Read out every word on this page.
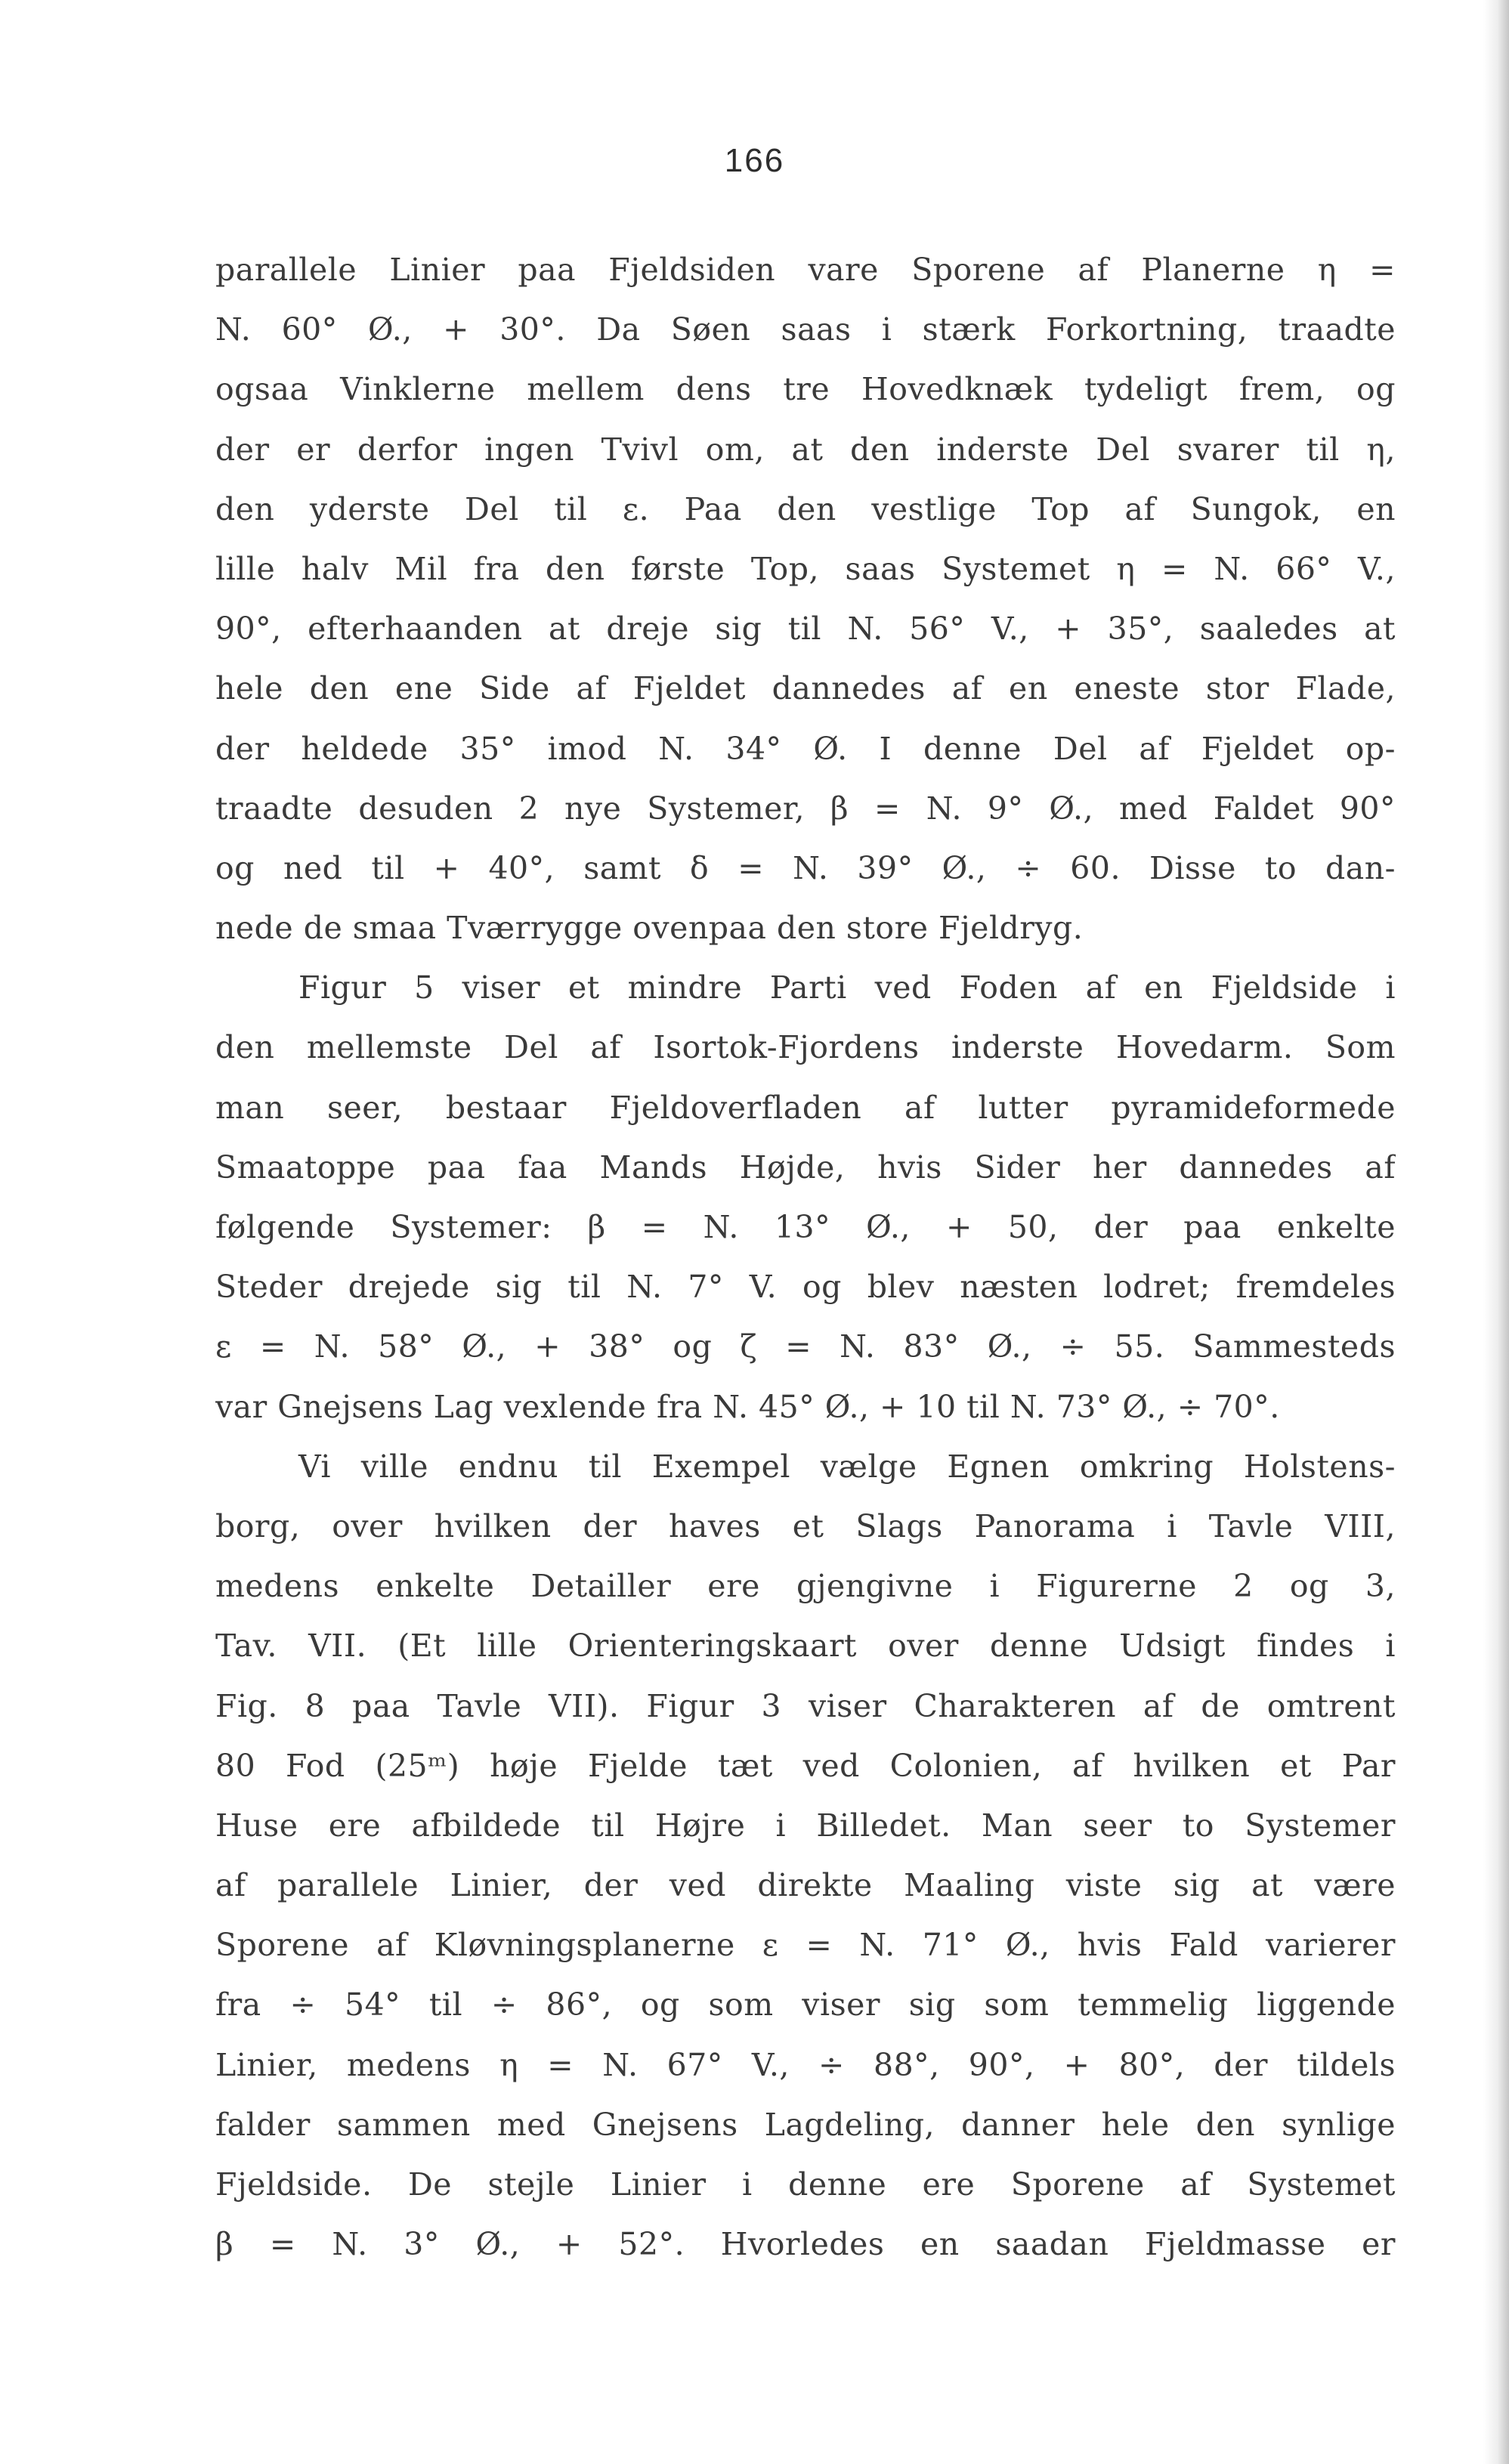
166
parallele Linier paa Fjeldsiden vare Sporene af Planerne η =
N. 60° Ø., + 30°. Da Søen saas i stærk Forkortning, traadte
ogsaa Vinklerne mellem dens tre Hovedknæk tydeligt frem, og
der er derfor ingen Tvivl om, at den inderste Del svarer til η,
den yderste Del til ε. Paa den vestlige Top af Sungok, en
lille halv Mil fra den første Top, saas Systemet η = N. 66° V.,
90°, efterhaanden at dreje sig til N. 56° V., + 35°, saaledes at
hele den ene Side af Fjeldet dannedes af en eneste stor Flade,
der heldede 35° imod N. 34° Ø. I denne Del af Fjeldet op-
traadte desuden 2 nye Systemer, β = N. 9° Ø., med Faldet 90°
og ned til + 40°, samt δ = N. 39° Ø., ÷ 60. Disse to dan-
nede de smaa Tværrygge ovenpaa den store Fjeldryg.
Figur 5 viser et mindre Parti ved Foden af en Fjeldside i
den mellemste Del af Isortok-Fjordens inderste Hovedarm. Som
man seer, bestaar Fjeldoverfladen af lutter pyramideformede
Smaatoppe paa faa Mands Højde, hvis Sider her dannedes af
følgende Systemer: β = N. 13° Ø., + 50, der paa enkelte
Steder drejede sig til N. 7° V. og blev næsten lodret; fremdeles
ε = N. 58° Ø., + 38° og ζ = N. 83° Ø., ÷ 55. Sammesteds
var Gnejsens Lag vexlende fra N. 45° Ø., + 10 til N. 73° Ø., ÷ 70°.
Vi ville endnu til Exempel vælge Egnen omkring Holstens-
borg, over hvilken der haves et Slags Panorama i Tavle VIII,
medens enkelte Detailler ere gjengivne i Figurerne 2 og 3,
Tav. VII. (Et lille Orienteringskaart over denne Udsigt findes i
Fig. 8 paa Tavle VII). Figur 3 viser Charakteren af de omtrent
80 Fod (25ᵐ) høje Fjelde tæt ved Colonien, af hvilken et Par
Huse ere afbildede til Højre i Billedet. Man seer to Systemer
af parallele Linier, der ved direkte Maaling viste sig at være
Sporene af Kløvningsplanerne ε = N. 71° Ø., hvis Fald varierer
fra ÷ 54° til ÷ 86°, og som viser sig som temmelig liggende
Linier, medens η = N. 67° V., ÷ 88°, 90°, + 80°, der tildels
falder sammen med Gnejsens Lagdeling, danner hele den synlige
Fjeldside. De stejle Linier i denne ere Sporene af Systemet
β = N. 3° Ø., + 52°. Hvorledes en saadan Fjeldmasse er
